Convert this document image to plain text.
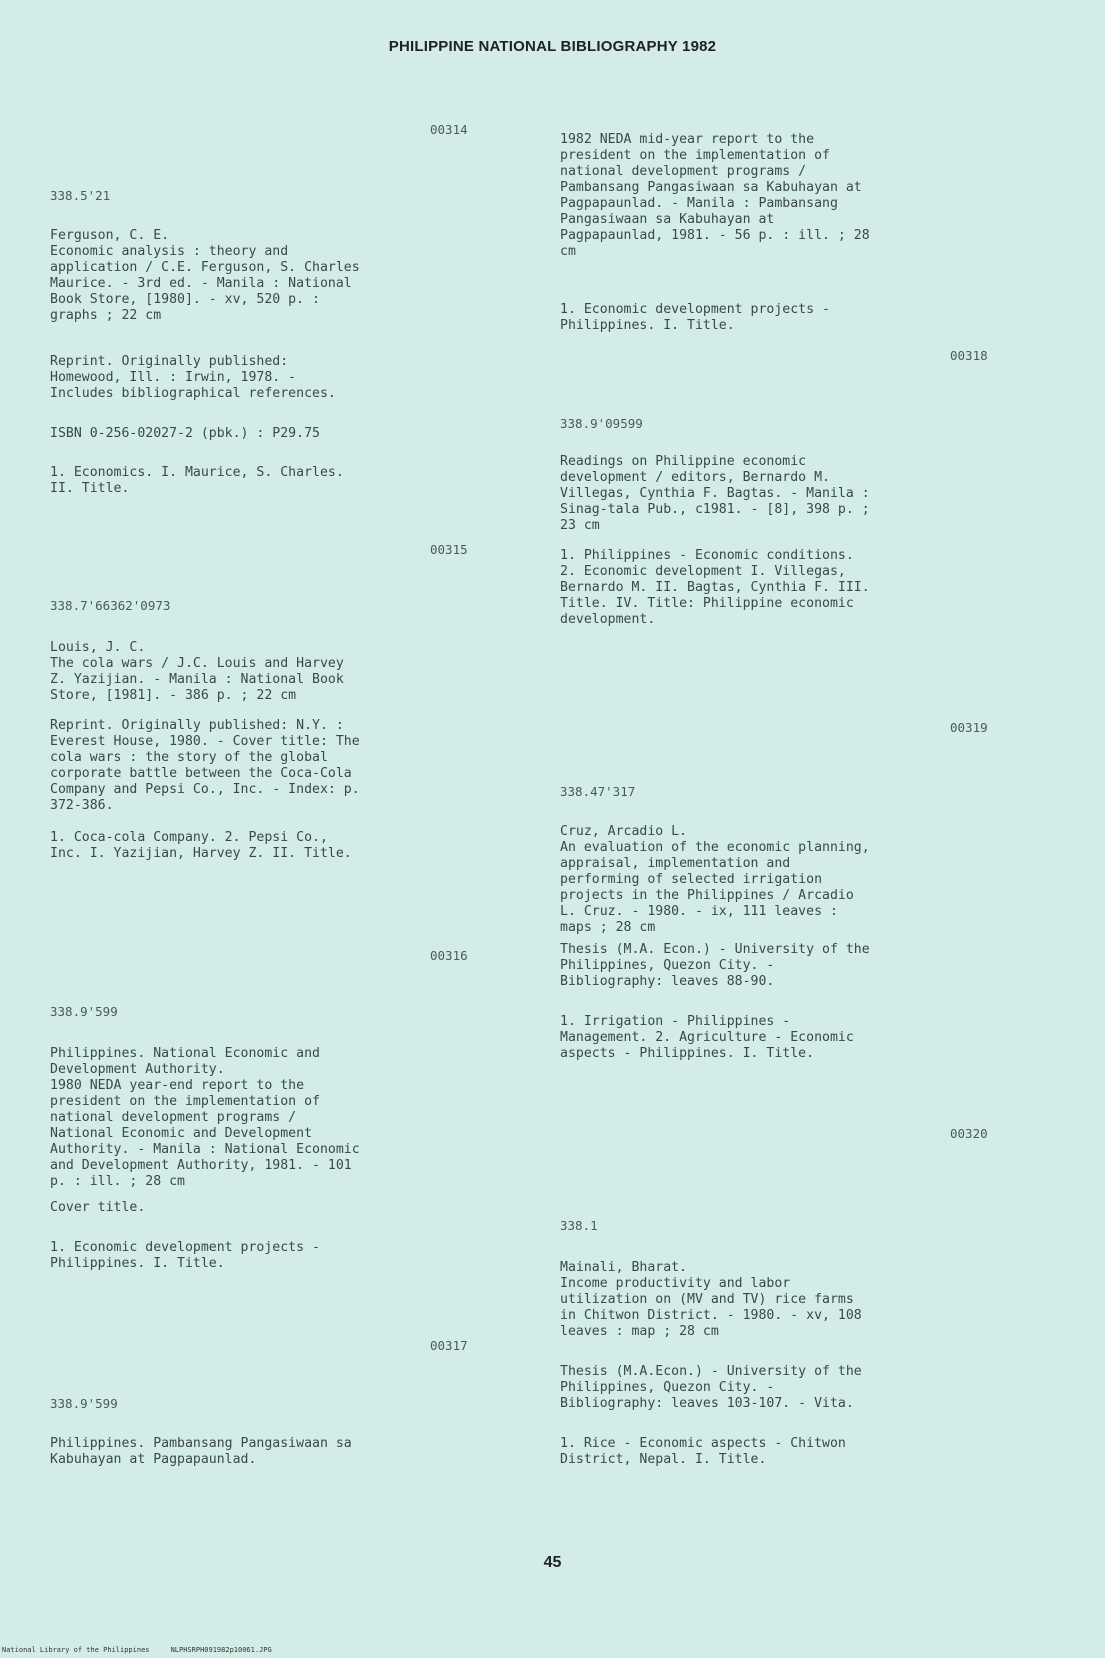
PHILIPPINE NATIONAL BIBLIOGRAPHY 1982
00314
338.5'21
Ferguson, C. E.
Economic analysis : theory and
application / C.E. Ferguson, S. Charles
Maurice. - 3rd ed. - Manila : National
Book Store, [1980]. - xv, 520 p. :
graphs ; 22 cm
Reprint. Originally published:
Homewood, Ill. : Irwin, 1978. -
Includes bibliographical references.
ISBN 0-256-02027-2 (pbk.) : P29.75
1. Economics. I. Maurice, S. Charles.
II. Title.
00315
338.7'66362'0973
Louis, J. C.
The cola wars / J.C. Louis and Harvey
Z. Yazijian. - Manila : National Book
Store, [1981]. - 386 p. ; 22 cm
Reprint. Originally published: N.Y. :
Everest House, 1980. - Cover title: The
cola wars : the story of the global
corporate battle between the Coca-Cola
Company and Pepsi Co., Inc. - Index: p.
372-386.
1. Coca-cola Company. 2. Pepsi Co.,
Inc. I. Yazijian, Harvey Z. II. Title.
00316
338.9'599
Philippines. National Economic and
Development Authority.
1980 NEDA year-end report to the
president on the implementation of
national development programs /
National Economic and Development
Authority. - Manila : National Economic
and Development Authority, 1981. - 101
p. : ill. ; 28 cm
Cover title.
1. Economic development projects -
Philippines. I. Title.
00317
338.9'599
Philippines. Pambansang Pangasiwaan sa
Kabuhayan at Pagpapaunlad.
1982 NEDA mid-year report to the
president on the implementation of
national development programs /
Pambansang Pangasiwaan sa Kabuhayan at
Pagpapaunlad. - Manila : Pambansang
Pangasiwaan sa Kabuhayan at
Pagpapaunlad, 1981. - 56 p. : ill. ; 28
cm
1. Economic development projects -
Philippines. I. Title.
00318
338.9'09599
Readings on Philippine economic
development / editors, Bernardo M.
Villegas, Cynthia F. Bagtas. - Manila :
Sinag-tala Pub., c1981. - [8], 398 p. ;
23 cm
1. Philippines - Economic conditions.
2. Economic development I. Villegas,
Bernardo M. II. Bagtas, Cynthia F. III.
Title. IV. Title: Philippine economic
development.
00319
338.47'317
Cruz, Arcadio L.
An evaluation of the economic planning,
appraisal, implementation and
performing of selected irrigation
projects in the Philippines / Arcadio
L. Cruz. - 1980. - ix, 111 leaves :
maps ; 28 cm
Thesis (M.A. Econ.) - University of the
Philippines, Quezon City. -
Bibliography: leaves 88-90.
1. Irrigation - Philippines -
Management. 2. Agriculture - Economic
aspects - Philippines. I. Title.
00320
338.1
Mainali, Bharat.
Income productivity and labor
utilization on (MV and TV) rice farms
in Chitwon District. - 1980. - xv, 108
leaves : map ; 28 cm
Thesis (M.A.Econ.) - University of the
Philippines, Quezon City. -
Bibliography: leaves 103-107. - Vita.
1. Rice - Economic aspects - Chitwon
District, Nepal. I. Title.
45
National Library of the Philippines     NLPHSRPH091982p10061.JPG
